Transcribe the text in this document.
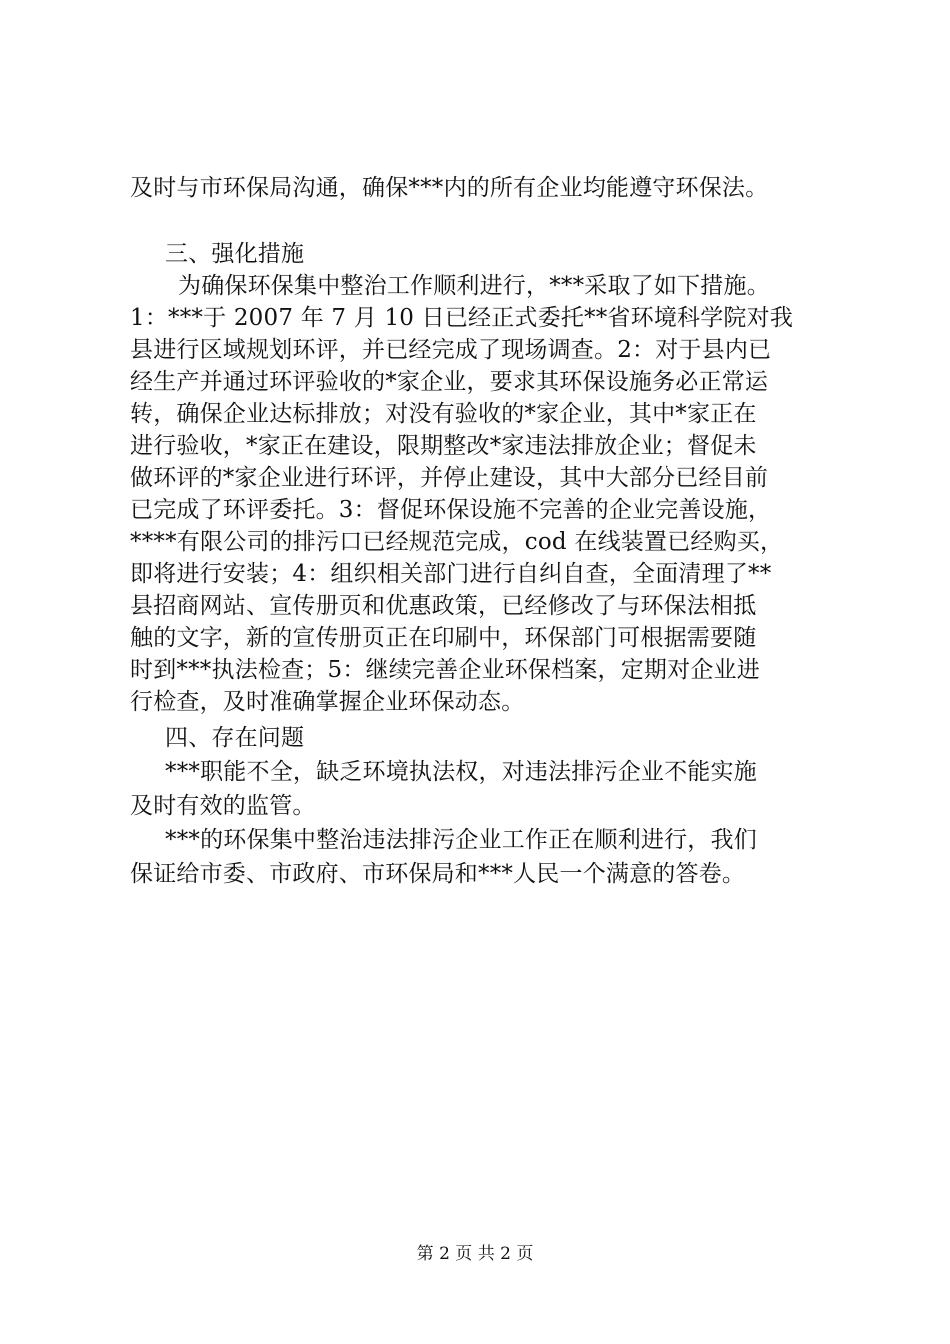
及时与市环保局沟通，确保***内的所有企业均能遵守环保法。
三、强化措施
为确保环保集中整治工作顺利进行，***采取了如下措施。
1：***于 2007 年 7 月 10 日已经正式委托**省环境科学院对我
县进行区域规划环评，并已经完成了现场调查。2：对于县内已
经生产并通过环评验收的*家企业，要求其环保设施务必正常运
转，确保企业达标排放；对没有验收的*家企业，其中*家正在
进行验收，*家正在建设，限期整改*家违法排放企业；督促未
做环评的*家企业进行环评，并停止建设，其中大部分已经目前
已完成了环评委托。3：督促环保设施不完善的企业完善设施，
****有限公司的排污口已经规范完成，cod 在线装置已经购买，
即将进行安装；4：组织相关部门进行自纠自查，全面清理了**
县招商网站、宣传册页和优惠政策，已经修改了与环保法相抵
触的文字，新的宣传册页正在印刷中，环保部门可根据需要随
时到***执法检查；5：继续完善企业环保档案，定期对企业进
行检查，及时准确掌握企业环保动态。
四、存在问题
***职能不全，缺乏环境执法权，对违法排污企业不能实施
及时有效的监管。
***的环保集中整治违法排污企业工作正在顺利进行，我们
保证给市委、市政府、市环保局和***人民一个满意的答卷。
第 2 页 共 2 页
